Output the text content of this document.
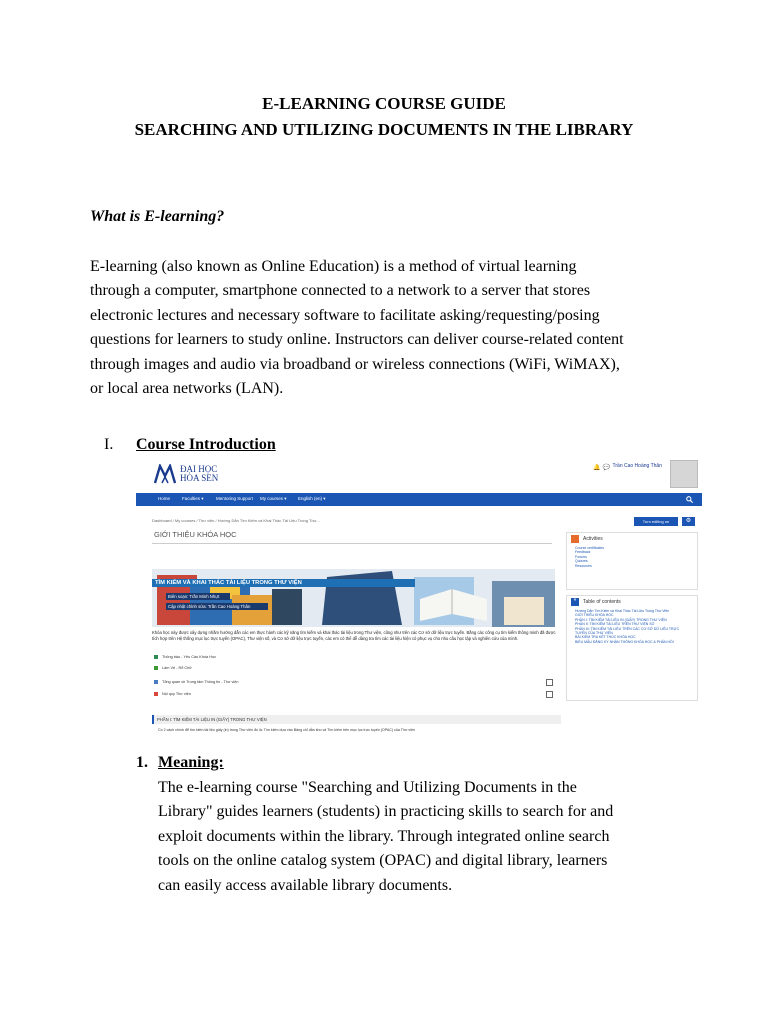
E-LEARNING COURSE GUIDE
SEARCHING AND UTILIZING DOCUMENTS IN THE LIBRARY
What is E-learning?
E-learning (also known as Online Education) is a method of virtual learning
through a computer, smartphone connected to a network to a server that stores
electronic lectures and necessary software to facilitate asking/requesting/posing
questions for learners to study online. Instructors can deliver course-related content
through images and audio via broadband or wireless connections (WiFi, WiMAX),
or local area networks (LAN).
I. Course Introduction
ĐẠI HỌC
HOA SEN
🔔 💬 Trần Cao Hoàng Thân
Home	Faculties ▾	Mentoring Support My courses ▾	English (en) ▾
Dashboard / My courses / Thư viện / Hướng Dẫn Tìm Kiếm và Khai Thác Tài Liệu Trong Thư...	Turn editing on	⚙
GIỚI THIỆU KHÓA HỌC
TÌM KIẾM VÀ KHAI THÁC TÀI LIỆU TRONG THƯ VIỆN
Biên soạn: Trần Minh Nhựt
Cập nhật chỉnh sửa: Trần Cao Hoàng Thân
Khóa học này được xây dựng nhằm hướng dẫn các em thực hành các kỹ năng tìm kiếm và khai thác tài liệu trong Thư viện, cũng như trên các Cơ sở dữ liệu trực tuyến. Bằng các công cụ tìm kiếm thông minh đã được tích hợp trên Hệ thống mục lục trực tuyến (OPAC), Thư viện số, và Cơ sở dữ liệu trực tuyến, các em có thể dễ dàng tra tìm các tài liệu hiện có phục vụ cho nhu cầu học tập và nghiên cứu của mình.
Thông báo - Yêu Cầu Khóa Học
Làm Vệ - Rổ Chữ
Tổng quan về Trung tâm Thông tin - Thư viện
Nội quy Thư viện
PHẦN I: TÌM KIẾM TÀI LIỆU IN (GIẤY) TRONG THƯ VIỆN
Có 2 cách chính để tìm kiếm tài liệu giấy (in) trong Thư viện đó là: Tìm kiếm dựa vào Bảng chỉ dẫn kho và Tìm kiếm trên mục lục trực tuyến (OPAC) của Thư viện
Activities
Course certificates
Feedback
Forums
Quizzes
Resources
*	Table of contents
Hướng Dẫn Tìm Kiếm và Khai Thác Tài Liệu Trong Thư Viện
GIỚI THIỆU KHÓA HỌC
PHẦN I: TÌM KIẾM TÀI LIỆU IN (GIẤY) TRONG THƯ VIỆN
PHẦN II: TÌM KIẾM TÀI LIỆU TRÊN THƯ VIỆN SỐ
PHẦN III: TÌM KIẾM TÀI LIỆU TRÊN CÁC CƠ SỞ DỮ LIỆU TRỰC TUYẾN CỦA THƯ VIỆN
BÀI KIỂM TRA KẾT THÚC KHÓA HỌC
BIỂU MẪU ĐĂNG KÝ NHẬN THÔNG KHÓA HỌC & PHẢN HỒI
1. Meaning:
The e-learning course "Searching and Utilizing Documents in the
Library" guides learners (students) in practicing skills to search for and
exploit documents within the library. Through integrated online search
tools on the online catalog system (OPAC) and digital library, learners
can easily access available library documents.
